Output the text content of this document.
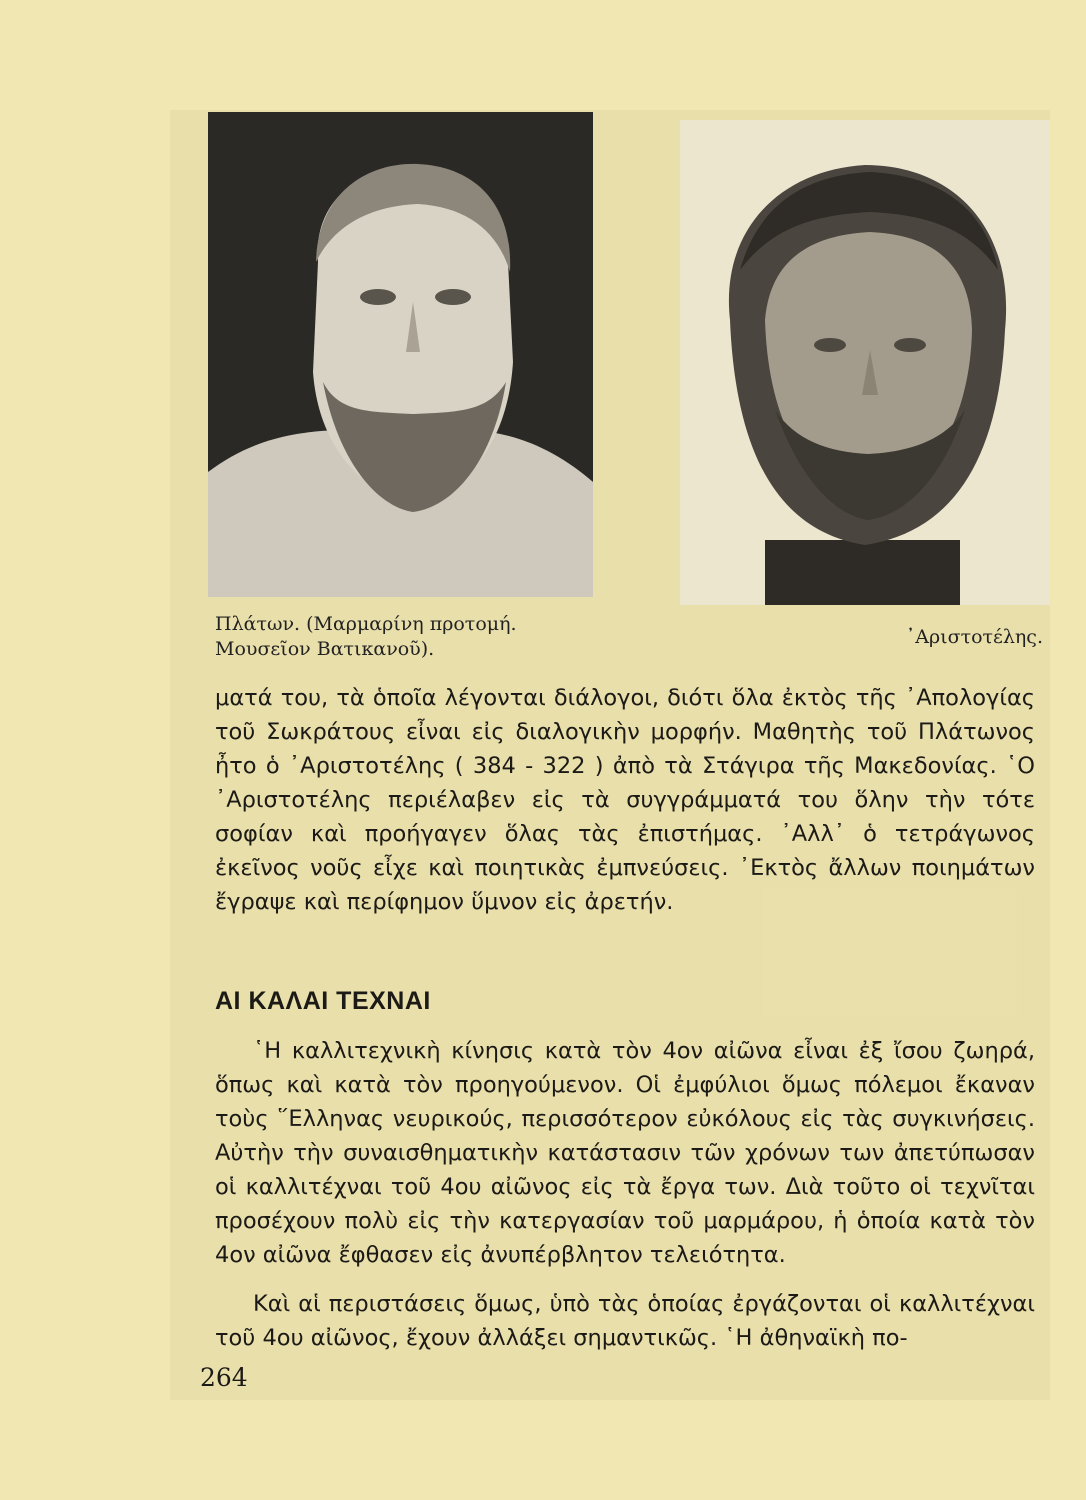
Πλάτων. (Μαρμαρίνη προτομή.
Μουσεῖον Βατικανοῦ).
᾽Αριστοτέλης.
ματά του, τὰ ὁποῖα λέγονται διάλογοι, διότι ὅλα ἐκτὸς τῆς ᾽Απολογίας τοῦ Σωκράτους εἶναι εἰς διαλογικὴν μορφήν. Μαθητὴς τοῦ Πλάτωνος ἦτο ὁ ᾽Αριστοτέλης ( 384 - 322 ) ἀπὸ τὰ Στάγιρα τῆς Μακεδονίας. ῾Ο ᾽Αριστοτέλης περιέλαβεν εἰς τὰ συγγράμματά του ὅλην τὴν τότε σοφίαν καὶ προήγαγεν ὅλας τὰς ἐπιστήμας. ᾽Αλλ᾽ ὁ τετράγωνος ἐκεῖνος νοῦς εἶχε καὶ ποιητικὰς ἐμπνεύσεις. ᾽Εκτὸς ἄλλων ποιημάτων ἔγραψε καὶ περίφημον ὕμνον εἰς ἀρετήν.
ΑΙ ΚΑΛΑΙ ΤΕΧΝΑΙ
῾Η καλλιτεχνικὴ κίνησις κατὰ τὸν 4ον αἰῶνα εἶναι ἐξ ἴσου ζωηρά, ὅπως καὶ κατὰ τὸν προηγούμενον. Οἱ ἐμφύλιοι ὅμως πόλεμοι ἔκαναν τοὺς ῞Ελληνας νευρικούς, περισσότερον εὐκόλους εἰς τὰς συγκινήσεις. Αὐτὴν τὴν συναισθηματικὴν κατάστασιν τῶν χρόνων των ἀπετύπωσαν οἱ καλλιτέχναι τοῦ 4ου αἰῶνος εἰς τὰ ἔργα των. Διὰ τοῦτο οἱ τεχνῖται προσέχουν πολὺ εἰς τὴν κατεργασίαν τοῦ μαρμάρου, ἡ ὁποία κατὰ τὸν 4ον αἰῶνα ἔφθασεν εἰς ἀνυπέρβλητον τελειότητα.
Καὶ αἱ περιστάσεις ὅμως, ὑπὸ τὰς ὁποίας ἐργάζονται οἱ καλλιτέχναι τοῦ 4ου αἰῶνος, ἔχουν ἀλλάξει σημαντικῶς. ῾Η ἀθηναϊκὴ πο-
264
